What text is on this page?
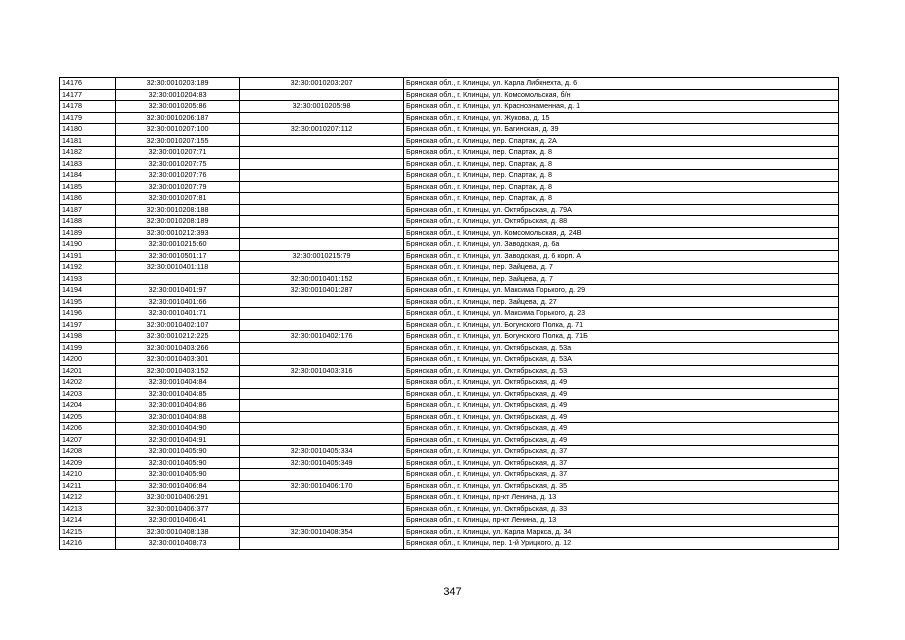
14176	32:30:0010203:189	32:30:0010203:207	Брянская обл., г. Клинцы, ул. Карла Либкнехта, д. 6
14177	32:30:0010204:83		Брянская обл., г. Клинцы, ул. Комсомольская, б/н
14178	32:30:0010205:86	32:30:0010205:98	Брянская обл., г. Клинцы, ул. Краснознаменная, д. 1
14179	32:30:0010206:187		Брянская обл., г. Клинцы, ул. Жукова, д. 15
14180	32:30:0010207:100	32:30:0010207:112	Брянская обл., г. Клинцы, ул. Багинская, д. 39
14181	32:30:0010207:155		Брянская обл., г. Клинцы, пер. Спартак, д. 2А
14182	32:30:0010207:71		Брянская обл., г. Клинцы, пер. Спартак, д. 8
14183	32:30:0010207:75		Брянская обл., г. Клинцы, пер. Спартак, д. 8
14184	32:30:0010207:76		Брянская обл., г. Клинцы, пер. Спартак, д. 8
14185	32:30:0010207:79		Брянская обл., г. Клинцы, пер. Спартак, д. 8
14186	32:30:0010207:81		Брянская обл., г. Клинцы, пер. Спартак, д. 8
14187	32:30:0010208:188		Брянская обл., г. Клинцы, ул. Октябрьская, д. 79А
14188	32:30:0010208:189		Брянская обл., г. Клинцы, ул. Октябрьская, д. 88
14189	32:30:0010212:393		Брянская обл., г. Клинцы, ул. Комсомольская, д. 24В
14190	32:30:0010215:60		Брянская обл., г. Клинцы, ул. Заводская, д. 6а
14191	32:30:0010501:17	32:30:0010215:79	Брянская обл., г. Клинцы, ул. Заводская, д. 6 корп. А
14192	32:30:0010401:118		Брянская обл., г. Клинцы, пер. Зайцева, д. 7
14193		32:30:0010401:152	Брянская обл., г. Клинцы, пер. Зайцева, д. 7
14194	32:30:0010401:97	32:30:0010401:287	Брянская обл., г. Клинцы, ул. Максима Горького, д. 29
14195	32:30:0010401:66		Брянская обл., г. Клинцы, пер. Зайцева, д. 27
14196	32:30:0010401:71		Брянская обл., г. Клинцы, ул. Максима Горького, д. 23
14197	32:30:0010402:107		Брянская обл., г. Клинцы, ул. Богунского Полка, д. 71
14198	32:30:0010212:225	32:30:0010402:176	Брянская обл., г. Клинцы, ул. Богунского Полка, д. 71Б
14199	32:30:0010403:266		Брянская обл., г. Клинцы, ул. Октябрьская, д. 53а
14200	32:30:0010403:301		Брянская обл., г. Клинцы, ул. Октябрьская, д. 53А
14201	32:30:0010403:152	32:30:0010403:316	Брянская обл., г. Клинцы, ул. Октябрьская, д. 53
14202	32:30:0010404:84		Брянская обл., г. Клинцы, ул. Октябрьская, д. 49
14203	32:30:0010404:85		Брянская обл., г. Клинцы, ул. Октябрьская, д. 49
14204	32:30:0010404:86		Брянская обл., г. Клинцы, ул. Октябрьская, д. 49
14205	32:30:0010404:88		Брянская обл., г. Клинцы, ул. Октябрьская, д. 49
14206	32:30:0010404:90		Брянская обл., г. Клинцы, ул. Октябрьская, д. 49
14207	32:30:0010404:91		Брянская обл., г. Клинцы, ул. Октябрьская, д. 49
14208	32:30:0010405:90	32:30:0010405:334	Брянская обл., г. Клинцы, ул. Октябрьская, д. 37
14209	32:30:0010405:90	32:30:0010405:349	Брянская обл., г. Клинцы, ул. Октябрьская, д. 37
14210	32:30:0010405:90		Брянская обл., г. Клинцы, ул. Октябрьская, д. 37
14211	32:30:0010406:84	32:30:0010406:170	Брянская обл., г. Клинцы, ул. Октябрьская, д. 35
14212	32:30:0010406:291		Брянская обл., г. Клинцы, пр-кт Ленина, д. 13
14213	32:30:0010406:377		Брянская обл., г. Клинцы, ул. Октябрьская, д. 33
14214	32:30:0010406:41		Брянская обл., г. Клинцы, пр-кт Ленина, д. 13
14215	32:30:0010408:138	32:30:0010408:354	Брянская обл., г. Клинцы, ул. Карла Маркса, д. 34
14216	32:30:0010408:73		Брянская обл., г. Клинцы, пер. 1-й Урицкого, д. 12
347
